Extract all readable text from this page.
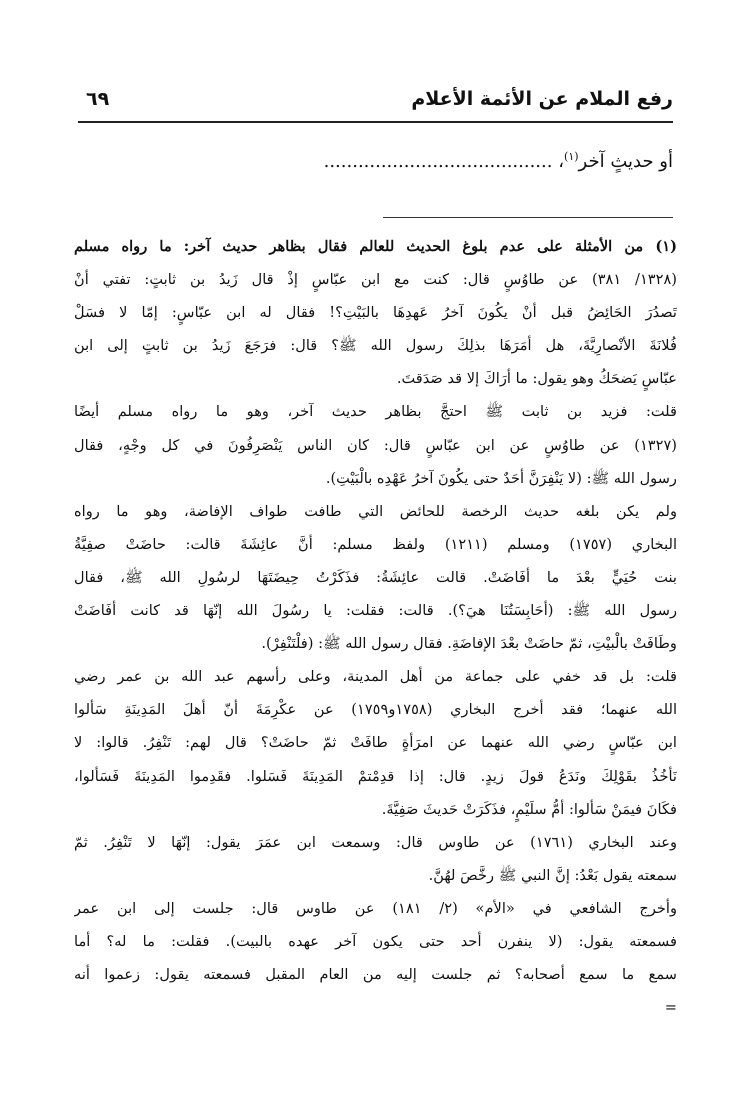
رفع الملام عن الأئمة الأعلام
٦٩
أو حديثٍ آخر$^{(١)}$، ........................................
(١) من الأمثلة على عدم بلوغ الحديث للعالم فقال بظاهر حديث آخر: ما رواه مسلم
(١٣٢٨/ ٣٨١) عن طاوُسٍ قال: كنت مع ابن عبّاسٍ إذْ قال زَيدُ بن ثابتٍ: تفتي أنْ
تَصدُرَ الحَائِضُ قبل أنْ يكُونَ آخرُ عَهدِهَا بالبَيْتِ؟! فقال له ابن عبّاسٍ: إمّا لا فسَلْ
فُلانَةَ الأنْصارِيَّةَ، هل أمَرَهَا بذلِكَ رسول الله ﷺ؟ قال: فرَجَعَ زَيدُ بن ثابتٍ إلى ابن
عبّاسٍ يَضحَكُ وهو يقول: ما أرَاكَ إلا قد صَدَقتَ.
قلت: فزيد بن ثابت ﷺ احتجَّ بظاهر حديث آخر، وهو ما رواه مسلم أيضًا
(١٣٢٧) عن طاوُسٍ عن ابن عبّاسٍ قال: كان الناس يَنْصَرِفُونَ في كل وجْهٍ، فقال
رسول الله ﷺ: (لا يَنْفِرَنَّ أحَدٌ حتى يكُونَ آخرُ عَهْدِه بالْبَيْتِ).
ولم يكن بلغه حديث الرخصة للحائض التي طافت طواف الإفاضة، وهو ما رواه
البخاري (١٧٥٧) ومسلم (١٢١١) ولفظ مسلم: أنَّ عائِشَةَ قالت: حاضَتْ صفِيَّةُ
بنت حُيَيٍّ بعْدَ ما أفَاضَتْ. قالت عائِشَةُ: فذَكَرْتُ حِيضَتَهَا لرسُولِ الله ﷺ، فقال
رسول الله ﷺ: (أحَابِسَتُنَا هيَ؟). قالت: فقلت: يا رسُولَ الله إنّهَا قد كانت أفَاضَتْ
وطَافَتْ بالْبيْتِ، ثمّ حاضَتْ بعْدَ الإفاضَةِ. فقال رسول الله ﷺ: (فلْتَنْفِرْ).
قلت: بل قد خفي على جماعة من أهل المدينة، وعلى رأسهم عبد الله بن عمر رضي
الله عنهما؛ فقد أخرج البخاري (١٧٥٨و١٧٥٩) عن عكْرِمَةَ أنّ أهلَ المَدِينَةِ سَألوا
ابن عبّاسٍ رضي الله عنهما عن امرَأةٍ طافَتْ ثمّ حاضَتْ؟ قال لهم: تَنْفِرُ. قالوا: لا
نَأخُذُ بقَوْلِكَ ونَدَعُ قولَ زيدٍ. قال: إذا قدِمْتمْ المَدِينَةَ فَسَلوا. فقَدِموا المَدِينَةَ فَسَألوا،
فكَانَ فيمَنْ سَألوا: أمُّ سلَيْمٍ، فذَكَرَتْ حَديثَ صَفِيَّةَ.
وعند البخاري (١٧٦١) عن طاوس قال: وسمعت ابن عمَرَ يقول: إنّهَا لا تَنْفِرُ. ثمّ
سمعته يقول بَعْدُ: إنَّ النبي ﷺ رخَّصَ لهُنَّ.
وأخرج الشافعي في «الأم» (٢/ ١٨١) عن طاوس قال: جلست إلى ابن عمر
فسمعته يقول: (لا ينفرن أحد حتى يكون آخر عهده بالبيت). فقلت: ما له؟ أما
سمع ما سمع أصحابه؟ ثم جلست إليه من العام المقبل فسمعته يقول: زعموا أنه
=
